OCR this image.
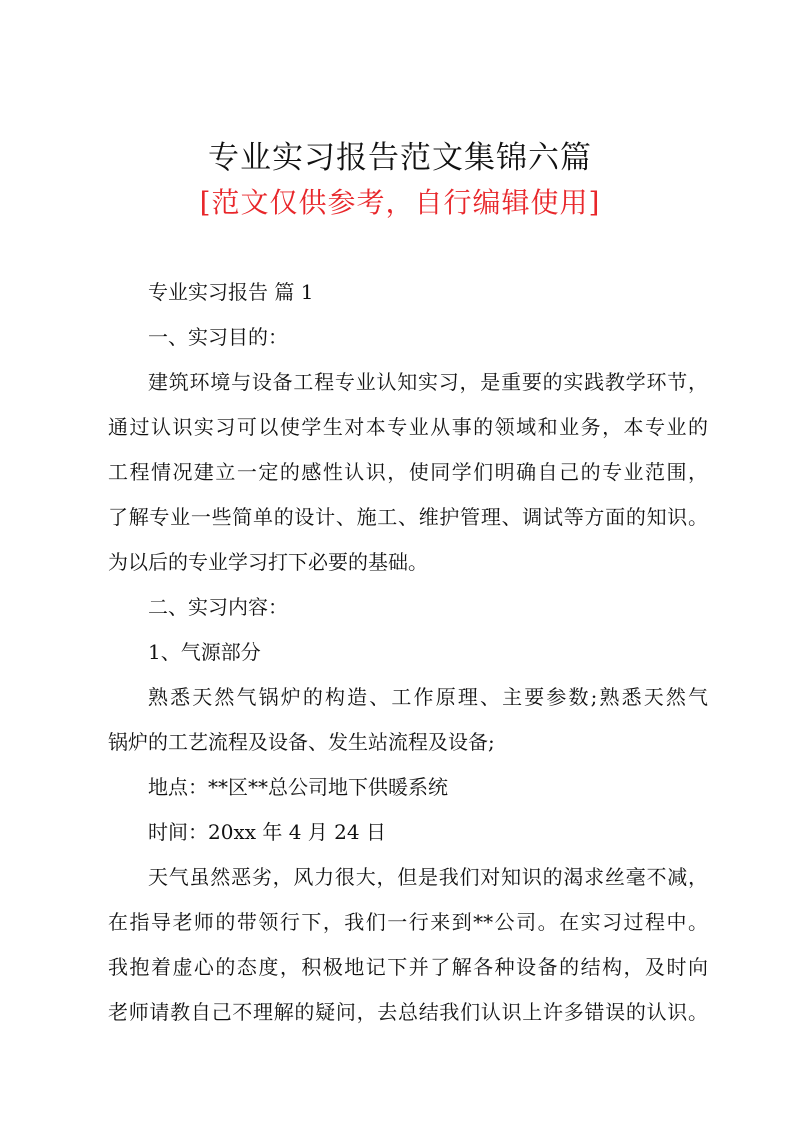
专业实习报告范文集锦六篇
[范文仅供参考，自行编辑使用]
专业实习报告 篇 1
一、实习目的：
建筑环境与设备工程专业认知实习，是重要的实践教学环节，
通过认识实习可以使学生对本专业从事的领域和业务，本专业的
工程情况建立一定的感性认识，使同学们明确自己的专业范围，
了解专业一些简单的设计、施工、维护管理、调试等方面的知识。
为以后的专业学习打下必要的基础。
二、实习内容：
1、气源部分
熟悉天然气锅炉的构造、工作原理、主要参数;熟悉天然气
锅炉的工艺流程及设备、发生站流程及设备;
地点：**区**总公司地下供暖系统
时间：20xx 年 4 月 24 日
天气虽然恶劣，风力很大，但是我们对知识的渴求丝毫不减，
在指导老师的带领行下，我们一行来到**公司。在实习过程中。
我抱着虚心的态度，积极地记下并了解各种设备的结构，及时向
老师请教自己不理解的疑问，去总结我们认识上许多错误的认识。
